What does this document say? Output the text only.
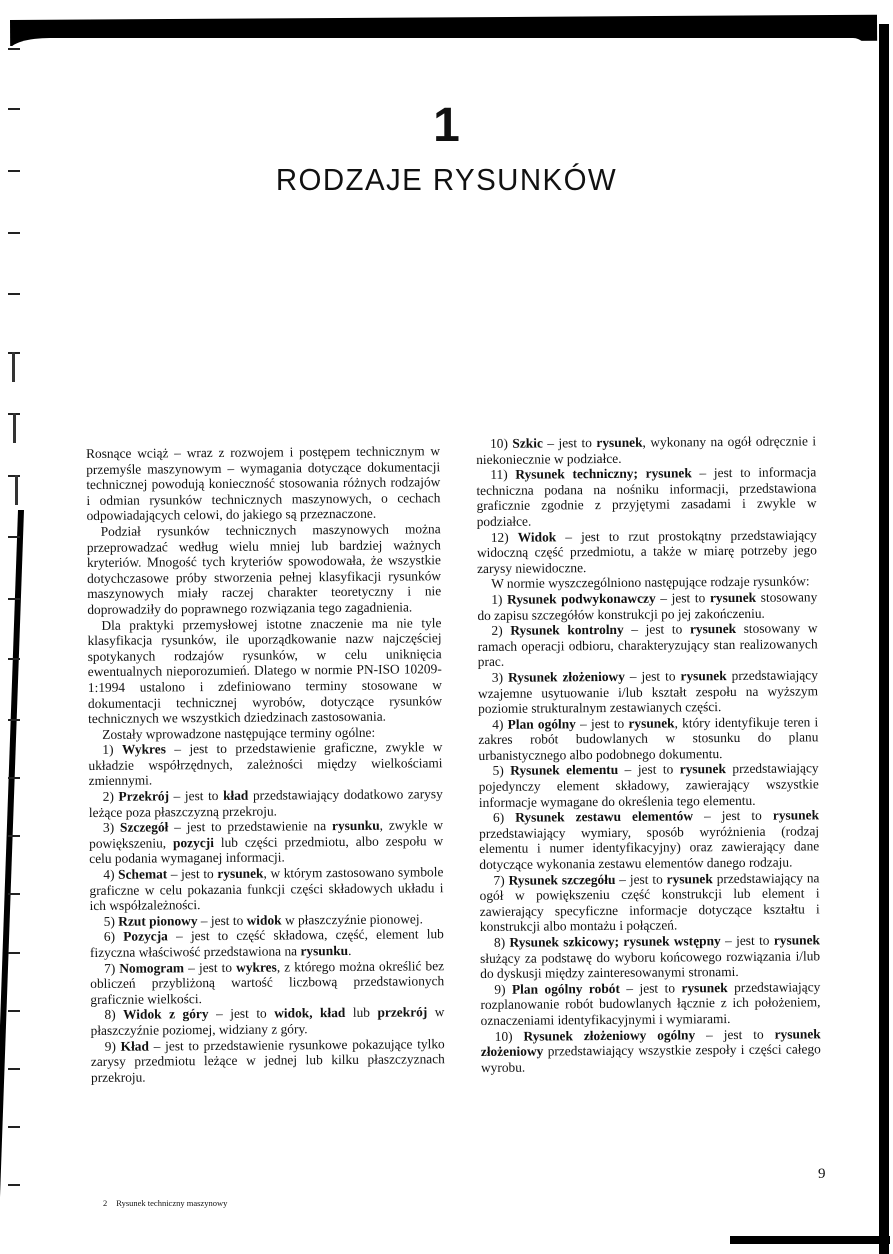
1
RODZAJE RYSUNKÓW

Rosnące wciąż – wraz z rozwojem i postępem technicznym w przemyśle maszynowym – wymagania dotyczące dokumentacji technicznej powodują konieczność stosowania różnych rodzajów i odmian rysunków technicznych maszynowych, o cechach odpowiadających celowi, do jakiego są przeznaczone.

Podział rysunków technicznych maszynowych można przeprowadzać według wielu mniej lub bardziej ważnych kryteriów. Mnogość tych kryteriów spowodowała, że wszystkie dotychczasowe próby stworzenia pełnej klasyfikacji rysunków maszynowych miały raczej charakter teoretyczny i nie doprowadziły do poprawnego rozwiązania tego zagadnienia.

Dla praktyki przemysłowej istotne znaczenie ma nie tyle klasyfikacja rysunków, ile uporządkowanie nazw najczęściej spotykanych rodzajów rysunków, w celu uniknięcia ewentualnych nieporozumień. Dlatego w normie PN-ISO 10209-1:1994 ustalono i zdefiniowano terminy stosowane w dokumentacji technicznej wyrobów, dotyczące rysunków technicznych we wszystkich dziedzinach zastosowania.

Zostały wprowadzone następujące terminy ogólne:

1) Wykres – jest to przedstawienie graficzne, zwykle w układzie współrzędnych, zależności między wielkościami zmiennymi.

2) Przekrój – jest to kład przedstawiający dodatkowo zarysy leżące poza płaszczyzną przekroju.

3) Szczegół – jest to przedstawienie na rysunku, zwykle w powiększeniu, pozycji lub części przedmiotu, albo zespołu w celu podania wymaganej informacji.

4) Schemat – jest to rysunek, w którym zastosowano symbole graficzne w celu pokazania funkcji części składowych układu i ich współzależności.

5) Rzut pionowy – jest to widok w płaszczyźnie pionowej.

6) Pozycja – jest to część składowa, część, element lub fizyczna właściwość przedstawiona na rysunku.

7) Nomogram – jest to wykres, z którego można określić bez obliczeń przybliżoną wartość liczbową przedstawionych graficznie wielkości.

8) Widok z góry – jest to widok, kład lub przekrój w płaszczyźnie poziomej, widziany z góry.

9) Kład – jest to przedstawienie rysunkowe pokazujące tylko zarysy przedmiotu leżące w jednej lub kilku płaszczyznach przekroju.

10) Szkic – jest to rysunek, wykonany na ogół odręcznie i niekoniecznie w podziałce.

11) Rysunek techniczny; rysunek – jest to informacja techniczna podana na nośniku informacji, przedstawiona graficznie zgodnie z przyjętymi zasadami i zwykle w podziałce.

12) Widok – jest to rzut prostokątny przedstawiający widoczną część przedmiotu, a także w miarę potrzeby jego zarysy niewidoczne.

W normie wyszczególniono następujące rodzaje rysunków:

1) Rysunek podwykonawczy – jest to rysunek stosowany do zapisu szczegółów konstrukcji po jej zakończeniu.

2) Rysunek kontrolny – jest to rysunek stosowany w ramach operacji odbioru, charakteryzujący stan realizowanych prac.

3) Rysunek złożeniowy – jest to rysunek przedstawiający wzajemne usytuowanie i/lub kształt zespołu na wyższym poziomie strukturalnym zestawianych części.

4) Plan ogólny – jest to rysunek, który identyfikuje teren i zakres robót budowlanych w stosunku do planu urbanistycznego albo podobnego dokumentu.

5) Rysunek elementu – jest to rysunek przedstawiający pojedynczy element składowy, zawierający wszystkie informacje wymagane do określenia tego elementu.

6) Rysunek zestawu elementów – jest to rysunek przedstawiający wymiary, sposób wyróżnienia (rodzaj elementu i numer identyfikacyjny) oraz zawierający dane dotyczące wykonania zestawu elementów danego rodzaju.

7) Rysunek szczegółu – jest to rysunek przedstawiający na ogół w powiększeniu część konstrukcji lub element i zawierający specyficzne informacje dotyczące kształtu i konstrukcji albo montażu i połączeń.

8) Rysunek szkicowy; rysunek wstępny – jest to rysunek służący za podstawę do wyboru końcowego rozwiązania i/lub do dyskusji między zainteresowanymi stronami.

9) Plan ogólny robót – jest to rysunek przedstawiający rozplanowanie robót budowlanych łącznie z ich położeniem, oznaczeniami identyfikacyjnymi i wymiarami.

10) Rysunek złożeniowy ogólny – jest to rysunek złożeniowy przedstawiający wszystkie zespoły i części całego wyrobu.

9
2 Rysunek techniczny maszynowy
